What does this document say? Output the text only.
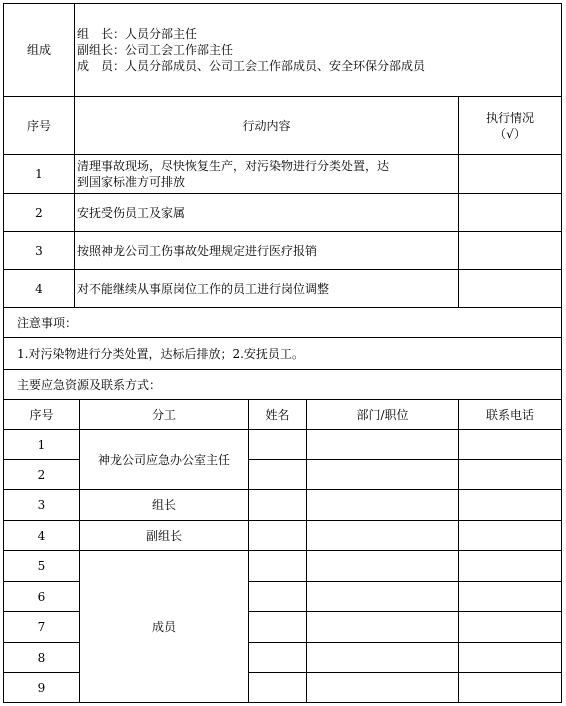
组成	组　长：人员分部主任
副组长：公司工会工作部主任
成　员：人员分部成员、公司工会工作部成员、安全环保分部成员	

序号	行动内容	执行情况
（√）

1	清理事故现场，尽快恢复生产，对污染物进行分类处置，达
到国家标准方可排放	

2	安抚受伤员工及家属	
3	按照神龙公司工伤事故处理规定进行医疗报销	
4	对不能继续从事原岗位工作的员工进行岗位调整	
注意事项：		
1.对污染物进行分类处置，达标后排放；2.安抚员工。		
主要应急资源及联系方式：		
序号	分工	姓名	部门/职位	联系电话
1	神龙公司应急办公室主任			
2				
3	组长			
4	副组长			
5	成员			
6				
7				
8				
9				
